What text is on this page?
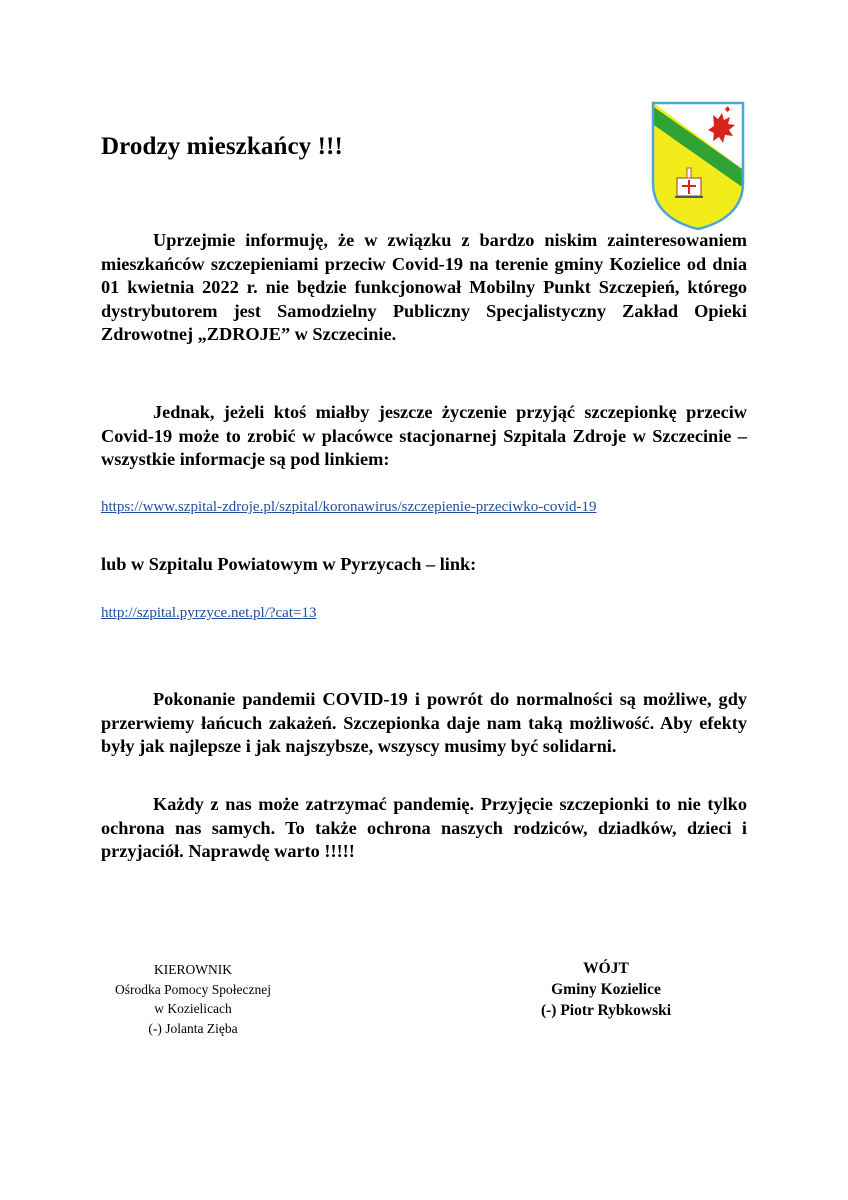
Drodzy mieszkańcy !!!
Uprzejmie informuję, że w związku z bardzo niskim zainteresowaniem mieszkańców szczepieniami przeciw Covid-19 na terenie gminy Kozielice od dnia 01 kwietnia 2022 r. nie będzie funkcjonował Mobilny Punkt Szczepień, którego dystrybutorem jest Samodzielny Publiczny Specjalistyczny Zakład Opieki Zdrowotnej „ZDROJE” w Szczecinie.
Jednak, jeżeli ktoś miałby jeszcze życzenie przyjąć szczepionkę przeciw Covid-19 może to zrobić w placówce stacjonarnej Szpitala Zdroje w Szczecinie – wszystkie informacje są pod linkiem:
https://www.szpital-zdroje.pl/szpital/koronawirus/szczepienie-przeciwko-covid-19
lub w Szpitalu Powiatowym w Pyrzycach – link:
http://szpital.pyrzyce.net.pl/?cat=13
Pokonanie pandemii COVID-19 i powrót do normalności są możliwe, gdy przerwiemy łańcuch zakażeń. Szczepionka daje nam taką możliwość. Aby efekty były jak najlepsze i jak najszybsze, wszyscy musimy być solidarni.
Każdy z nas może zatrzymać pandemię. Przyjęcie szczepionki to nie tylko ochrona nas samych. To także ochrona naszych rodziców, dziadków, dzieci i przyjaciół. Naprawdę warto !!!!!
KIEROWNIK
Ośrodka Pomocy Społecznej
w Kozielicach
(-) Jolanta Zięba
WÓJT
Gminy Kozielice
(-) Piotr Rybkowski
